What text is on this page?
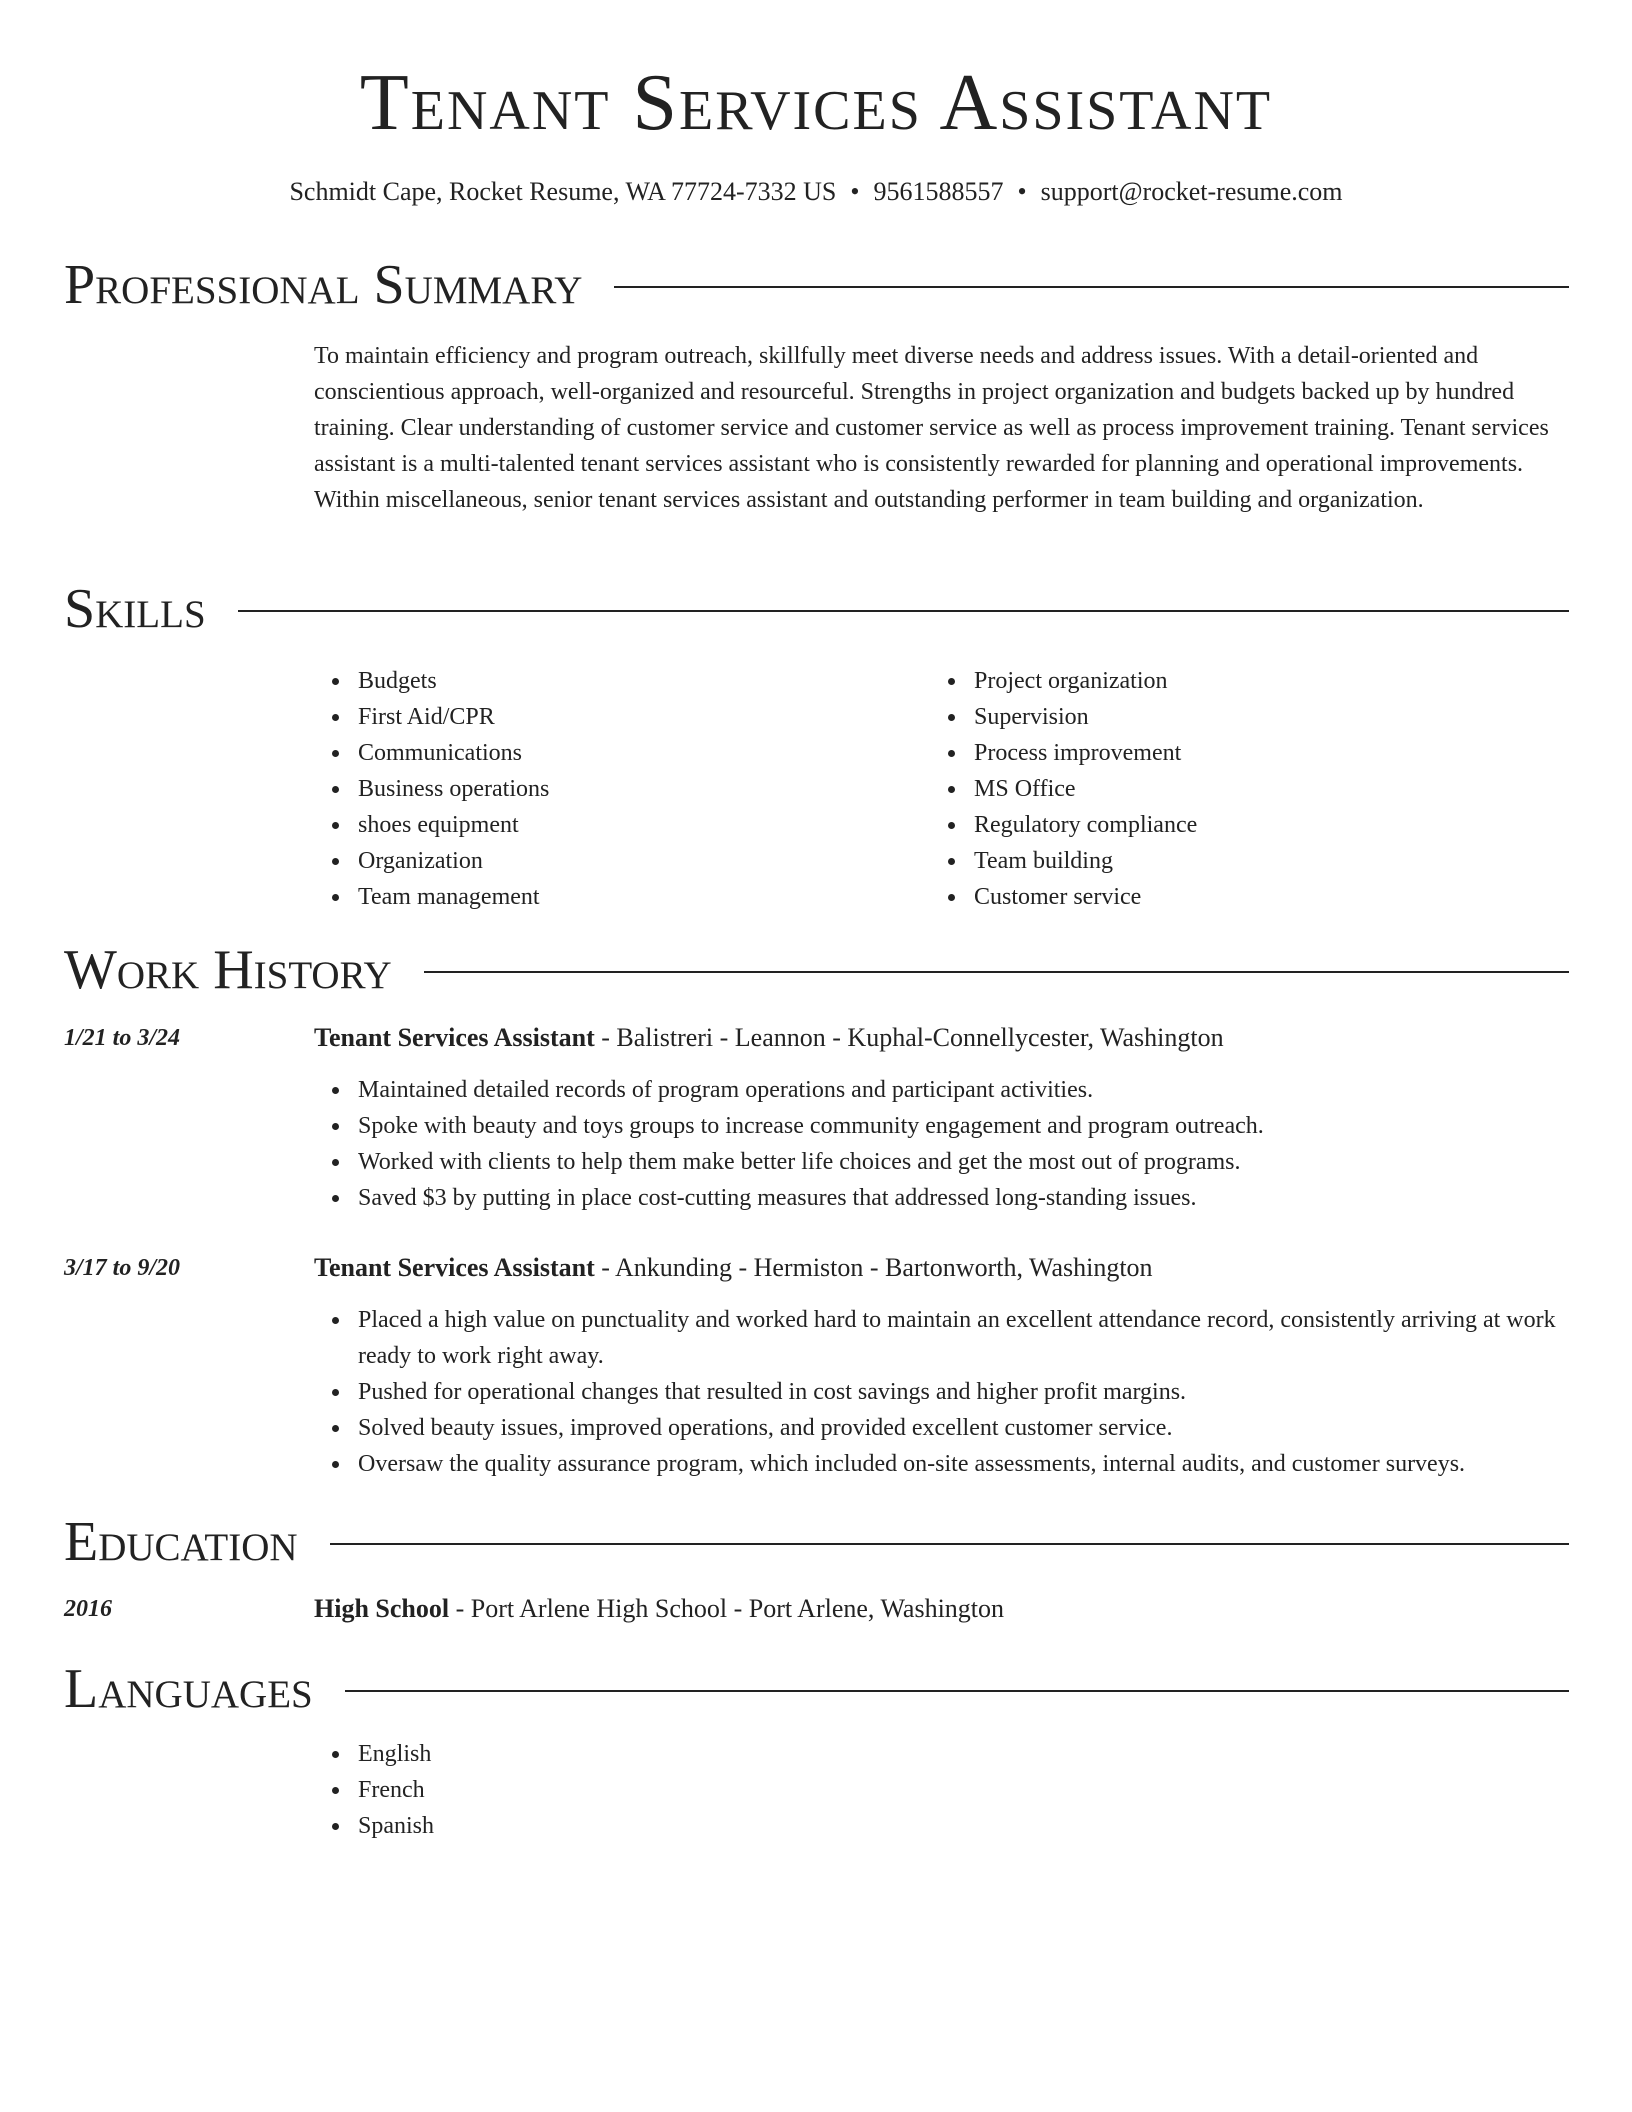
Tenant Services Assistant
Schmidt Cape, Rocket Resume, WA 77724-7332 US • 9561588557 • support@rocket-resume.com
Professional Summary

To maintain efficiency and program outreach, skillfully meet diverse needs and address issues. With a detail-oriented and conscientious approach, well-organized and resourceful. Strengths in project organization and budgets backed up by hundred training. Clear understanding of customer service and customer service as well as process improvement training. Tenant services assistant is a multi-talented tenant services assistant who is consistently rewarded for planning and operational improvements. Within miscellaneous, senior tenant services assistant and outstanding performer in team building and organization.

Skills
Budgets
First Aid/CPR
Communications
Business operations
shoes equipment
Organization
Team management
Project organization
Supervision
Process improvement
MS Office
Regulatory compliance
Team building
Customer service
Work History
1/21 to 3/24	Tenant Services Assistant - Balistreri - Leannon - Kuphal-Connellycester, Washington
Maintained detailed records of program operations and participant activities.
Spoke with beauty and toys groups to increase community engagement and program outreach.
Worked with clients to help them make better life choices and get the most out of programs.
Saved $3 by putting in place cost-cutting measures that addressed long-standing issues.
3/17 to 9/20	Tenant Services Assistant - Ankunding - Hermiston - Bartonworth, Washington
Placed a high value on punctuality and worked hard to maintain an excellent attendance record, consistently arriving at work ready to work right away.
Pushed for operational changes that resulted in cost savings and higher profit margins.
Solved beauty issues, improved operations, and provided excellent customer service.
Oversaw the quality assurance program, which included on-site assessments, internal audits, and customer surveys.
Education
2016	High School - Port Arlene High School - Port Arlene, Washington
Languages
English
French
Spanish
